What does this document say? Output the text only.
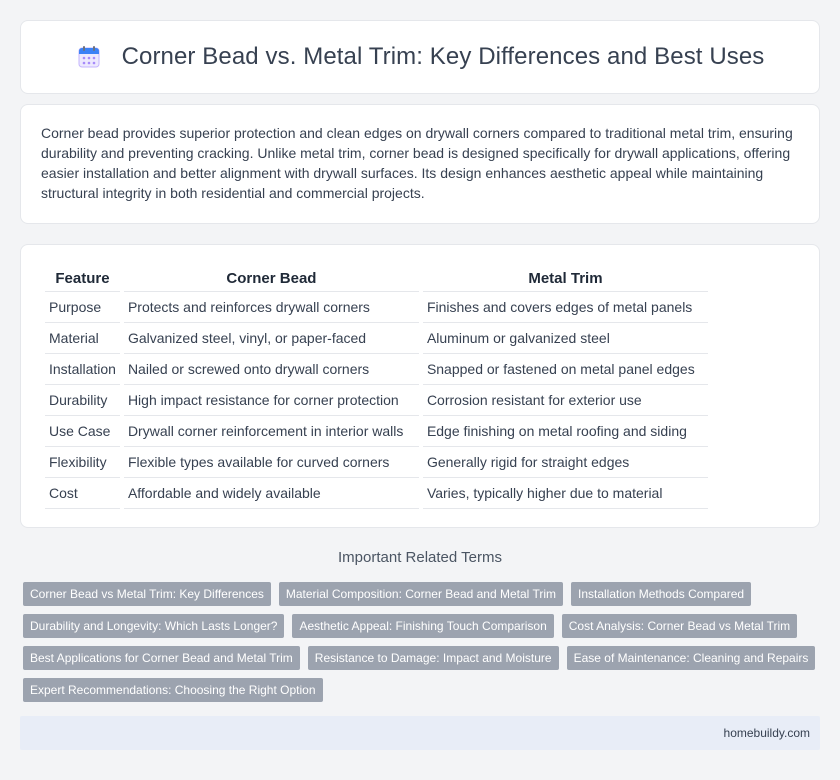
Corner Bead vs. Metal Trim: Key Differences and Best Uses

Corner bead provides superior protection and clean edges on drywall corners compared to traditional metal trim, ensuring durability and preventing cracking. Unlike metal trim, corner bead is designed specifically for drywall applications, offering easier installation and better alignment with drywall surfaces. Its design enhances aesthetic appeal while maintaining structural integrity in both residential and commercial projects.

Feature	Corner Bead	Metal Trim
Purpose	Protects and reinforces drywall corners	Finishes and covers edges of metal panels
Material	Galvanized steel, vinyl, or paper-faced	Aluminum or galvanized steel
Installation	Nailed or screwed onto drywall corners	Snapped or fastened on metal panel edges
Durability	High impact resistance for corner protection	Corrosion resistant for exterior use
Use Case	Drywall corner reinforcement in interior walls	Edge finishing on metal roofing and siding
Flexibility	Flexible types available for curved corners	Generally rigid for straight edges
Cost	Affordable and widely available	Varies, typically higher due to material
Important Related Terms
Corner Bead vs Metal Trim: Key Differences	Material Composition: Corner Bead and Metal Trim	Installation Methods Compared
Durability and Longevity: Which Lasts Longer?	Aesthetic Appeal: Finishing Touch Comparison	Cost Analysis: Corner Bead vs Metal Trim
Best Applications for Corner Bead and Metal Trim	Resistance to Damage: Impact and Moisture	Ease of Maintenance: Cleaning and Repairs
Expert Recommendations: Choosing the Right Option
homebuildy.com
